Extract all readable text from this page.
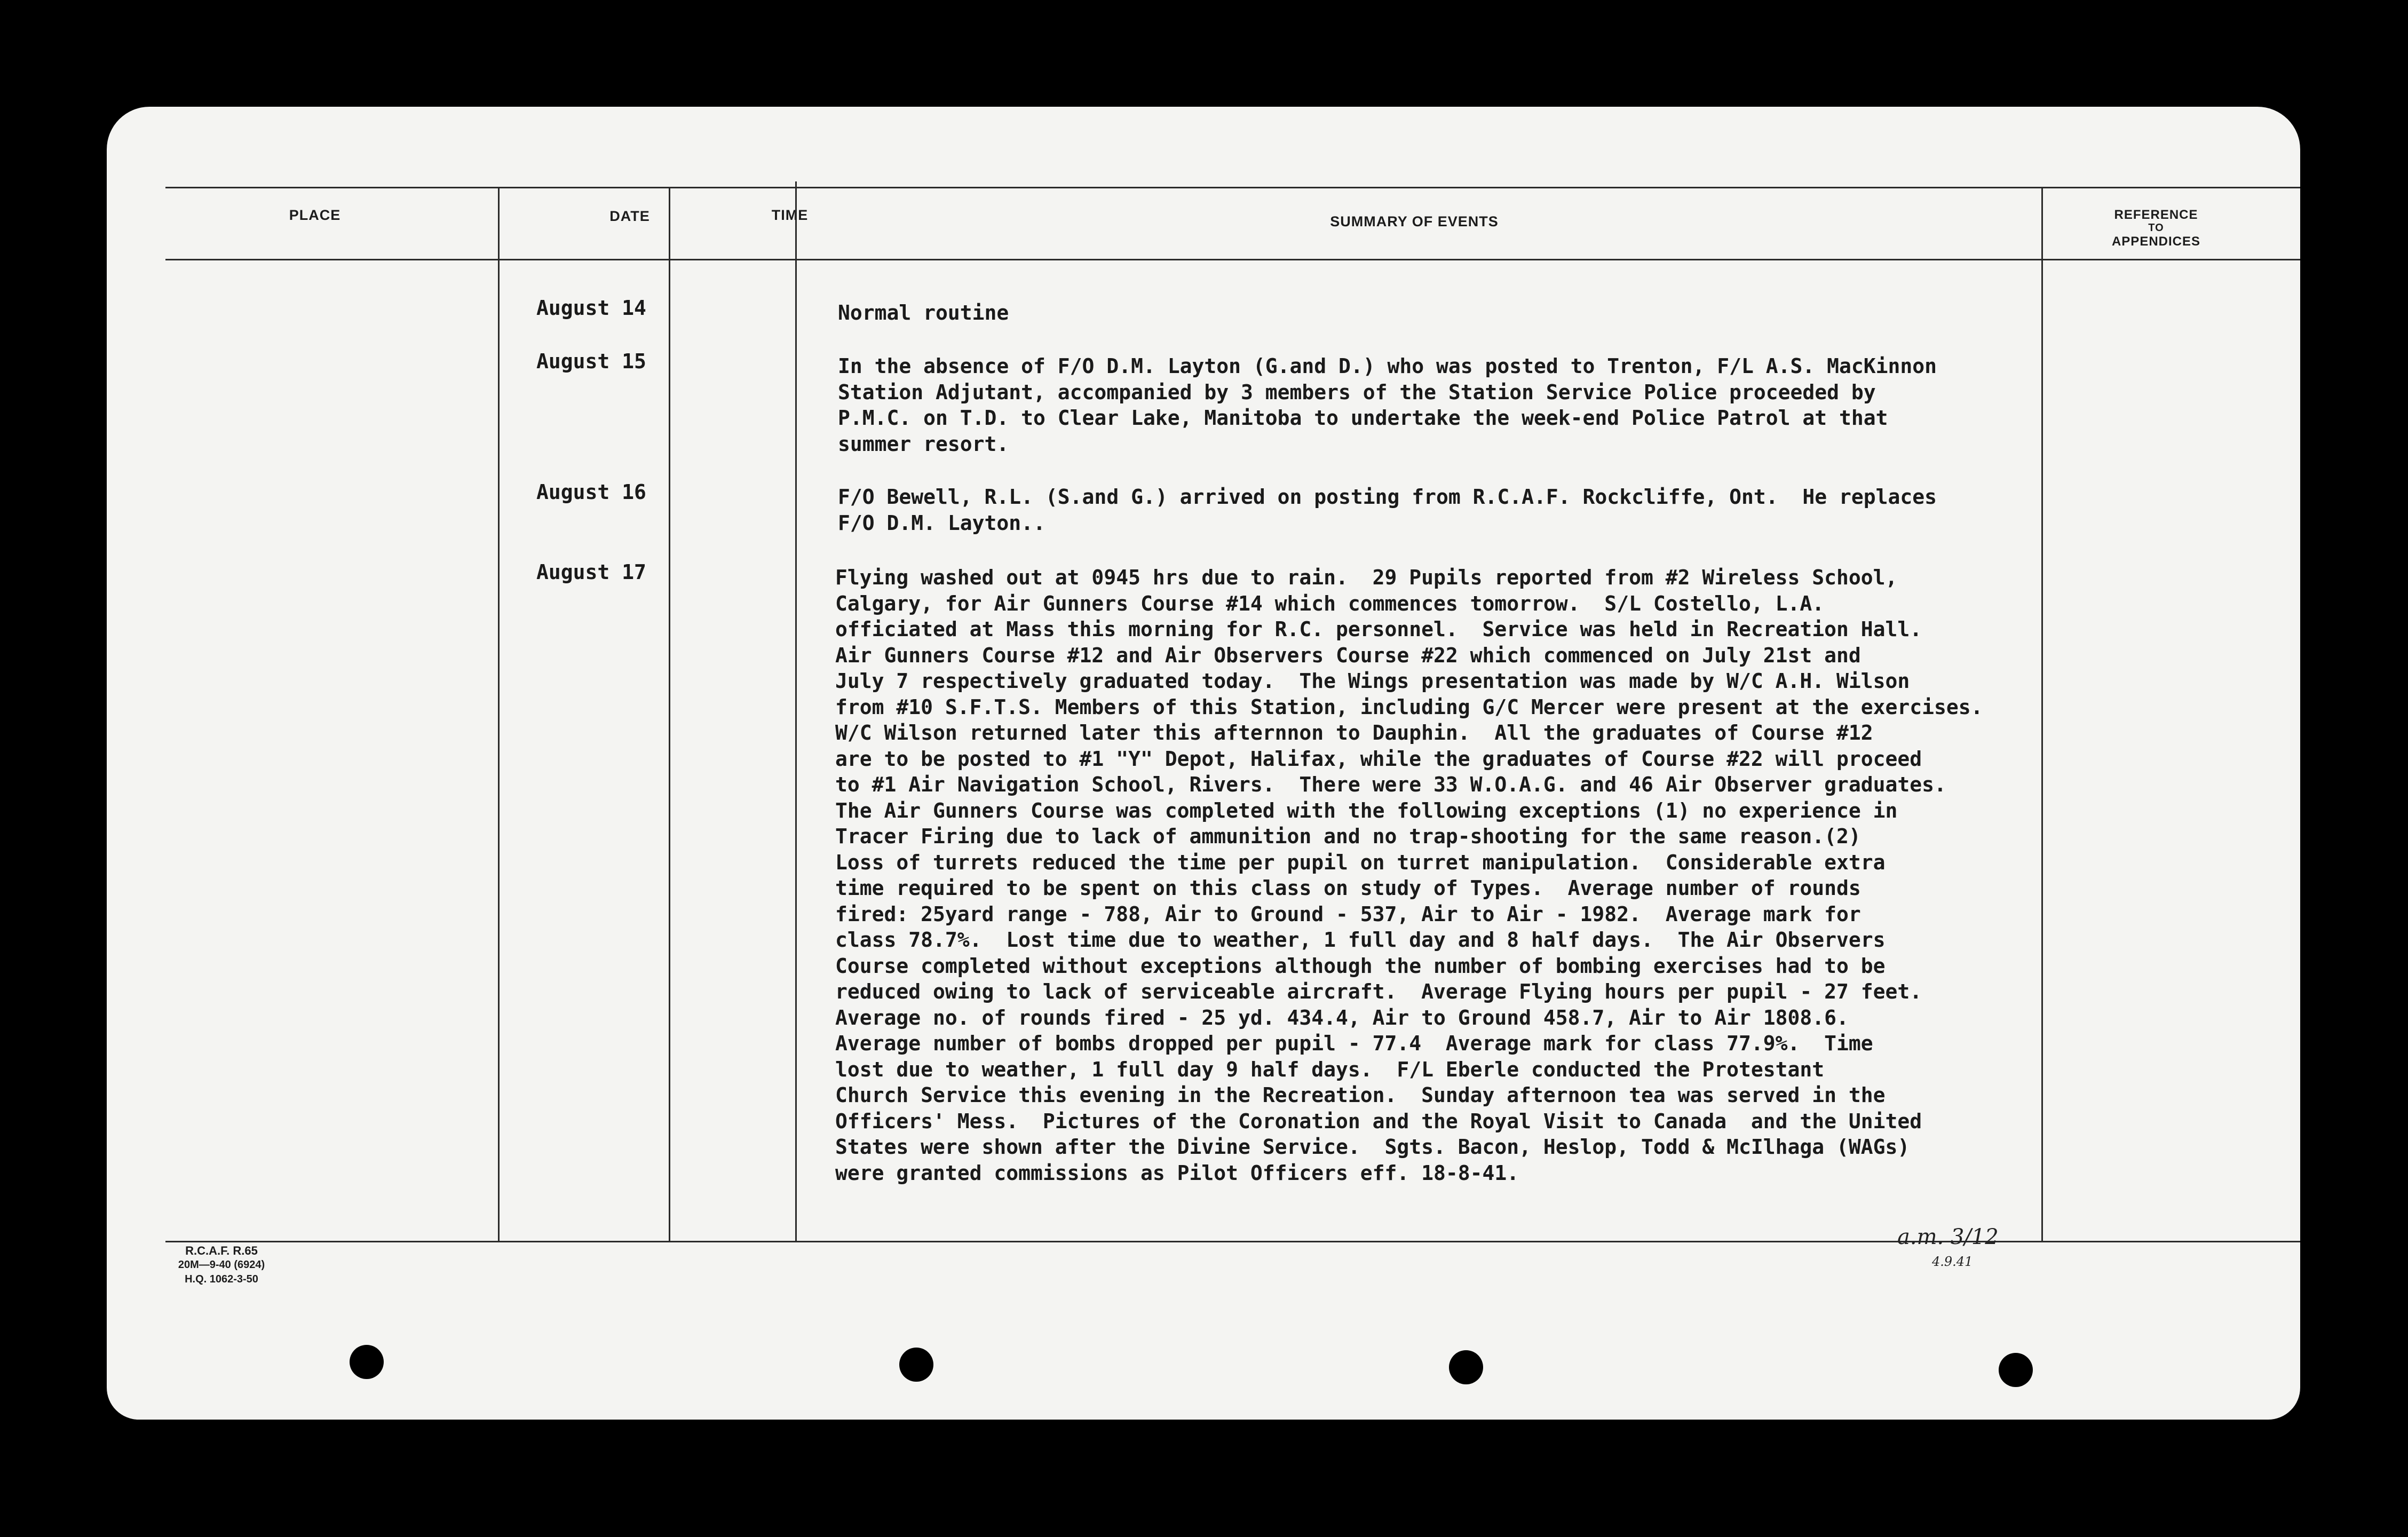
PLACE	DATE	TIME	SUMMARY OF EVENTS	REFERENCE
TO
APPENDICES
August 14	Normal routine
August 15	In the absence of F/O D.M. Layton (G.and D.) who was posted to Trenton, F/L A.S. MacKinnon
Station Adjutant, accompanied by 3 members of the Station Service Police proceeded by
P.M.C. on T.D. to Clear Lake, Manitoba to undertake the week-end Police Patrol at that
summer resort.
August 16	F/O Bewell, R.L. (S.and G.) arrived on posting from R.C.A.F. Rockcliffe, Ont.  He replaces
F/O D.M. Layton..
August 17	Flying washed out at 0945 hrs due to rain.  29 Pupils reported from #2 Wireless School,
Calgary, for Air Gunners Course #14 which commences tomorrow.  S/L Costello, L.A.
officiated at Mass this morning for R.C. personnel.  Service was held in Recreation Hall.
Air Gunners Course #12 and Air Observers Course #22 which commenced on July 21st and
July 7 respectively graduated today.  The Wings presentation was made by W/C A.H. Wilson
from #10 S.F.T.S. Members of this Station, including G/C Mercer were present at the exercises.
W/C Wilson returned later this afternnon to Dauphin.  All the graduates of Course #12
are to be posted to #1 "Y" Depot, Halifax, while the graduates of Course #22 will proceed
to #1 Air Navigation School, Rivers.  There were 33 W.O.A.G. and 46 Air Observer graduates.
The Air Gunners Course was completed with the following exceptions (1) no experience in
Tracer Firing due to lack of ammunition and no trap-shooting for the same reason.(2)
Loss of turrets reduced the time per pupil on turret manipulation.  Considerable extra
time required to be spent on this class on study of Types.  Average number of rounds
fired: 25yard range - 788, Air to Ground - 537, Air to Air - 1982.  Average mark for
class 78.7%.  Lost time due to weather, 1 full day and 8 half days.  The Air Observers
Course completed without exceptions although the number of bombing exercises had to be
reduced owing to lack of serviceable aircraft.  Average Flying hours per pupil - 27 feet.
Average no. of rounds fired - 25 yd. 434.4, Air to Ground 458.7, Air to Air 1808.6.
Average number of bombs dropped per pupil - 77.4  Average mark for class 77.9%.  Time
lost due to weather, 1 full day 9 half days.  F/L Eberle conducted the Protestant
Church Service this evening in the Recreation.  Sunday afternoon tea was served in the
Officers' Mess.  Pictures of the Coronation and the Royal Visit to Canada  and the United
States were shown after the Divine Service.  Sgts. Bacon, Heslop, Todd & McIlhaga (WAGs)
were granted commissions as Pilot Officers eff. 18-8-41.
R.C.A.F. R.65
20M—9-40 (6924)
H.Q. 1062-3-50
a.m. 3/12
4.9.41
